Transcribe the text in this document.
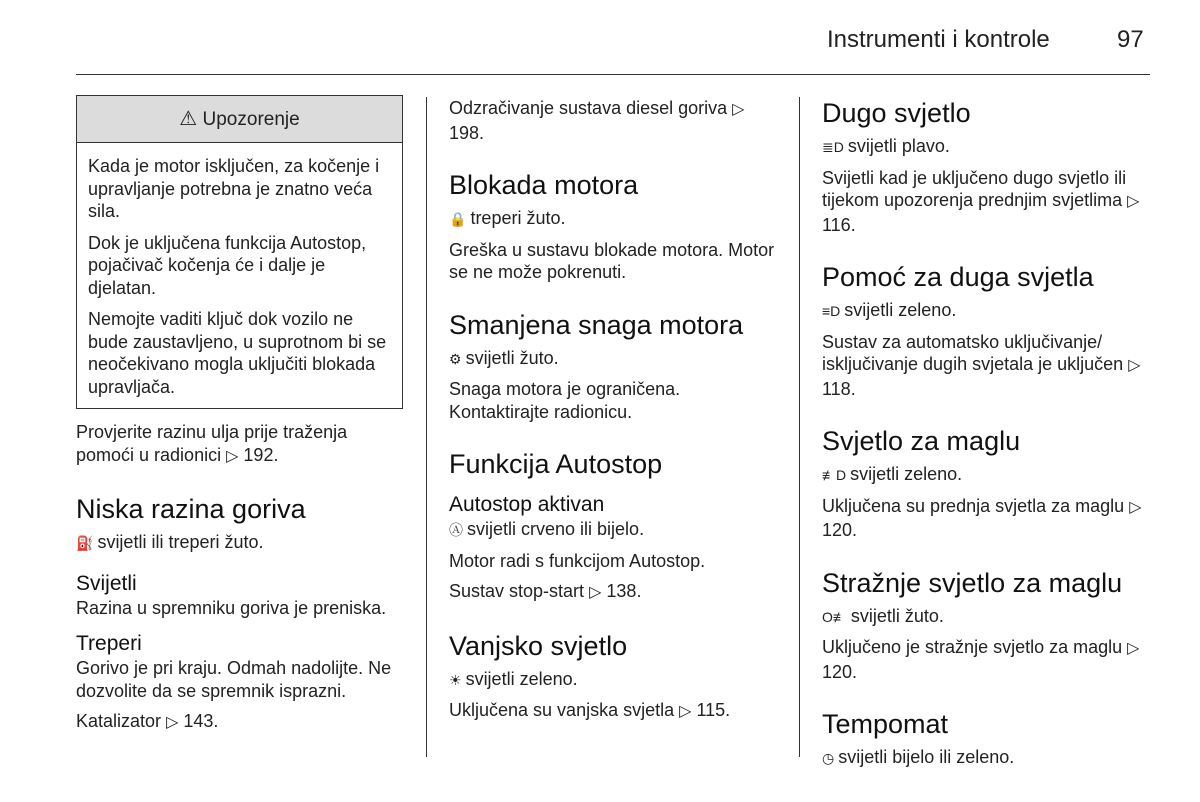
Instrumenti i kontrole	97
⚠ Upozorenje

Kada je motor isključen, za kočenje i upravljanje potrebna je znatno veća sila.

Dok je uključena funkcija Autostop, pojačivač kočenja će i dalje je djelatan.

Nemojte vaditi ključ dok vozilo ne bude zaustavljeno, u suprotnom bi se neočekivano mogla uključiti blokada upravljača.

Provjerite razinu ulja prije traženja pomoći u radionici ▷ 192.

Niska razina goriva

⛽ svijetli ili treperi žuto.

Svijetli

Razina u spremniku goriva je preniska.

Treperi

Gorivo je pri kraju. Odmah nadolijte. Ne dozvolite da se spremnik isprazni.

Katalizator ▷ 143.

Odzračivanje sustava diesel goriva ▷ 198.

Blokada motora

🔒 treperi žuto.

Greška u sustavu blokade motora. Motor se ne može pokrenuti.

Smanjena snaga motora

⚙ svijetli žuto.

Snaga motora je ograničena. Kontaktirajte radionicu.

Funkcija Autostop
Autostop aktivan

Ⓐ svijetli crveno ili bijelo.

Motor radi s funkcijom Autostop.

Sustav stop-start ▷ 138.

Vanjsko svjetlo

☀ svijetli zeleno.

Uključena su vanjska svjetla ▷ 115.

Dugo svjetlo

≣D svijetli plavo.

Svijetli kad je uključeno dugo svjetlo ili tijekom upozorenja prednjim svjetlima ▷ 116.

Pomoć za duga svjetla

≡D svijetli zeleno.

Sustav za automatsko uključivanje/ isključivanje dugih svjetala je uključen ▷ 118.

Svjetlo za maglu

≢D svijetli zeleno.

Uključena su prednja svjetla za maglu ▷ 120.

Stražnje svjetlo za maglu

O≢ svijetli žuto.

Uključeno je stražnje svjetlo za maglu ▷ 120.

Tempomat

◷ svijetli bijelo ili zeleno.
